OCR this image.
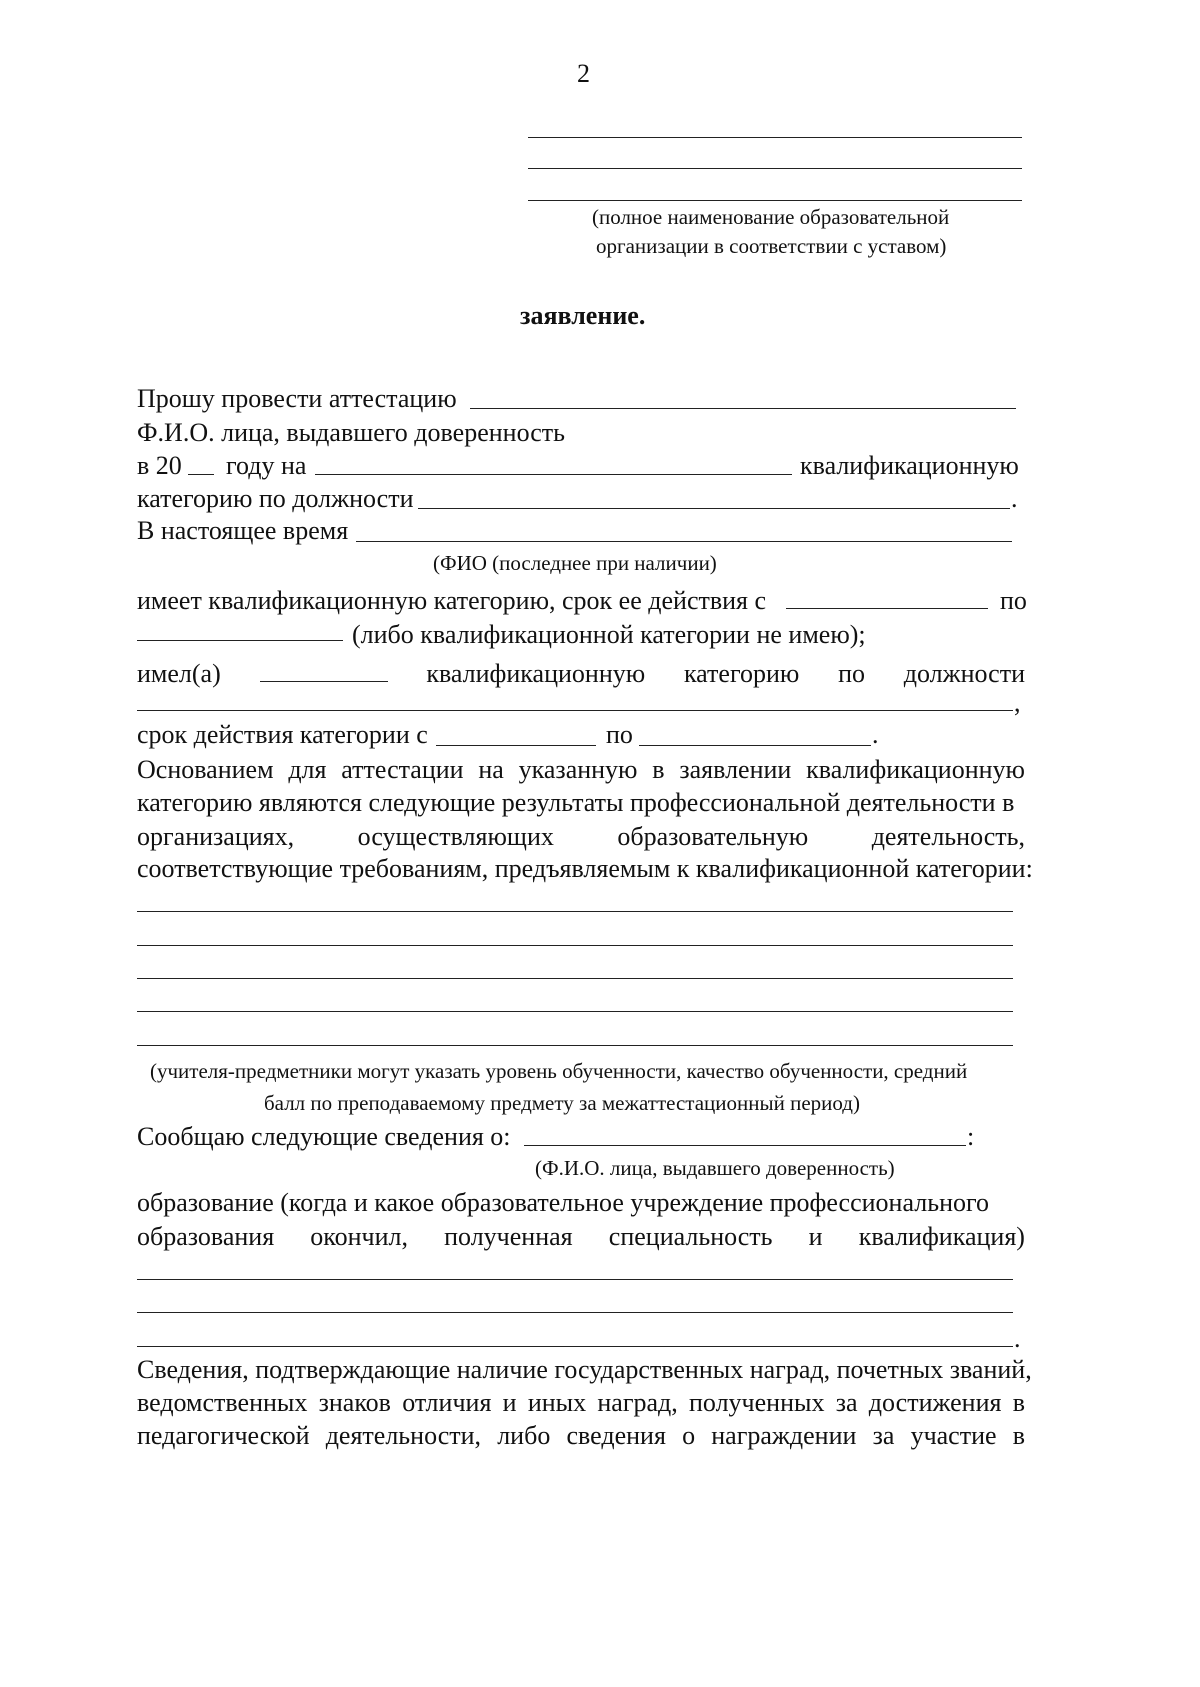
2
(полное наименование образовательной
организации в соответствии с уставом)
заявление.
Прошу провести аттестацию
Ф.И.О. лица, выдавшего доверенность
в 20 году на	квалификационную
категорию по должности	.
В настоящее время
(ФИО (последнее при наличии)
имеет квалификационную категорию, срок ее действия с	по
(либо квалификационной категории не имею);
имел(а)	квалификационную категорию по должности
,
срок действия категории с	по	.
Основанием для аттестации на указанную в заявлении квалификационную
категорию являются следующие результаты профессиональной деятельности в
организациях, осуществляющих образовательную деятельность,
соответствующие требованиям, предъявляемым к квалификационной категории:
(учителя-предметники могут указать уровень обученности, качество обученности, средний
балл по преподаваемому предмету за межаттестационный период)
Сообщаю следующие сведения о:	:
(Ф.И.О. лица, выдавшего доверенность)
образование (когда и какое образовательное учреждение профессионального
образования окончил, полученная специальность и квалификация)
.
Сведения, подтверждающие наличие государственных наград, почетных званий,
ведомственных знаков отличия и иных наград, полученных за достижения в
педагогической деятельности, либо сведения о награждении за участие в
